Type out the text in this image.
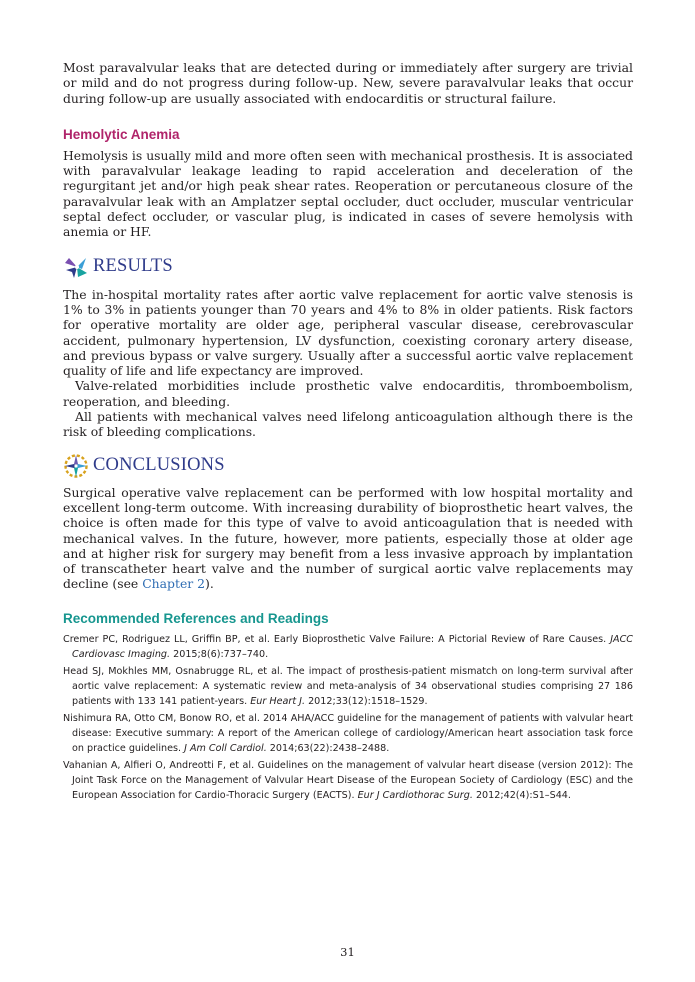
Most paravalvular leaks that are detected during or immediately after surgery are trivial or mild and do not progress during follow-up. New, severe paravalvular leaks that occur during follow-up are usually associated with endocarditis or structural failure.

Hemolytic Anemia

Hemolysis is usually mild and more often seen with mechanical prosthesis. It is associated with paravalvular leakage leading to rapid acceleration and deceleration of the regurgitant jet and/or high peak shear rates. Reoperation or percutaneous closure of the paravalvular leak with an Amplatzer septal occluder, duct occluder, muscular ventricular septal defect occluder, or vascular plug, is indicated in cases of severe hemolysis with anemia or HF.

RESULTS

The in-hospital mortality rates after aortic valve replacement for aortic valve stenosis is 1% to 3% in patients younger than 70 years and 4% to 8% in older patients. Risk factors for operative mortality are older age, peripheral vascular disease, cerebrovascular accident, pulmonary hypertension, LV dysfunction, coexisting coronary artery disease, and previous bypass or valve surgery. Usually after a successful aortic valve replacement quality of life and life expectancy are improved.

Valve-related morbidities include prosthetic valve endocarditis, thromboembolism, reoperation, and bleeding.

All patients with mechanical valves need lifelong anticoagulation although there is the risk of bleeding complications.

CONCLUSIONS

Surgical operative valve replacement can be performed with low hospital mortality and excellent long-term outcome. With increasing durability of bioprosthetic heart valves, the choice is often made for this type of valve to avoid anticoagulation that is needed with mechanical valves. In the future, however, more patients, especially those at older age and at higher risk for surgery may benefit from a less invasive approach by implantation of transcatheter heart valve and the number of surgical aortic valve replacements may decline (see Chapter 2).

Recommended References and Readings
Cremer PC, Rodriguez LL, Griffin BP, et al. Early Bioprosthetic Valve Failure: A Pictorial Review of Rare Causes. JACC Cardiovasc Imaging. 2015;8(6):737–740.
Head SJ, Mokhles MM, Osnabrugge RL, et al. The impact of prosthesis-patient mismatch on long-term survival after aortic valve replacement: A systematic review and meta-analysis of 34 observational studies comprising 27 186 patients with 133 141 patient-years. Eur Heart J. 2012;33(12):1518–1529.
Nishimura RA, Otto CM, Bonow RO, et al. 2014 AHA/ACC guideline for the management of patients with valvular heart disease: Executive summary: A report of the American college of cardiology/American heart association task force on practice guidelines. J Am Coll Cardiol. 2014;63(22):2438–2488.
Vahanian A, Alfieri O, Andreotti F, et al. Guidelines on the management of valvular heart disease (version 2012): The Joint Task Force on the Management of Valvular Heart Disease of the European Society of Cardiology (ESC) and the European Association for Cardio-Thoracic Surgery (EACTS). Eur J Cardiothorac Surg. 2012;42(4):S1–S44.
31
